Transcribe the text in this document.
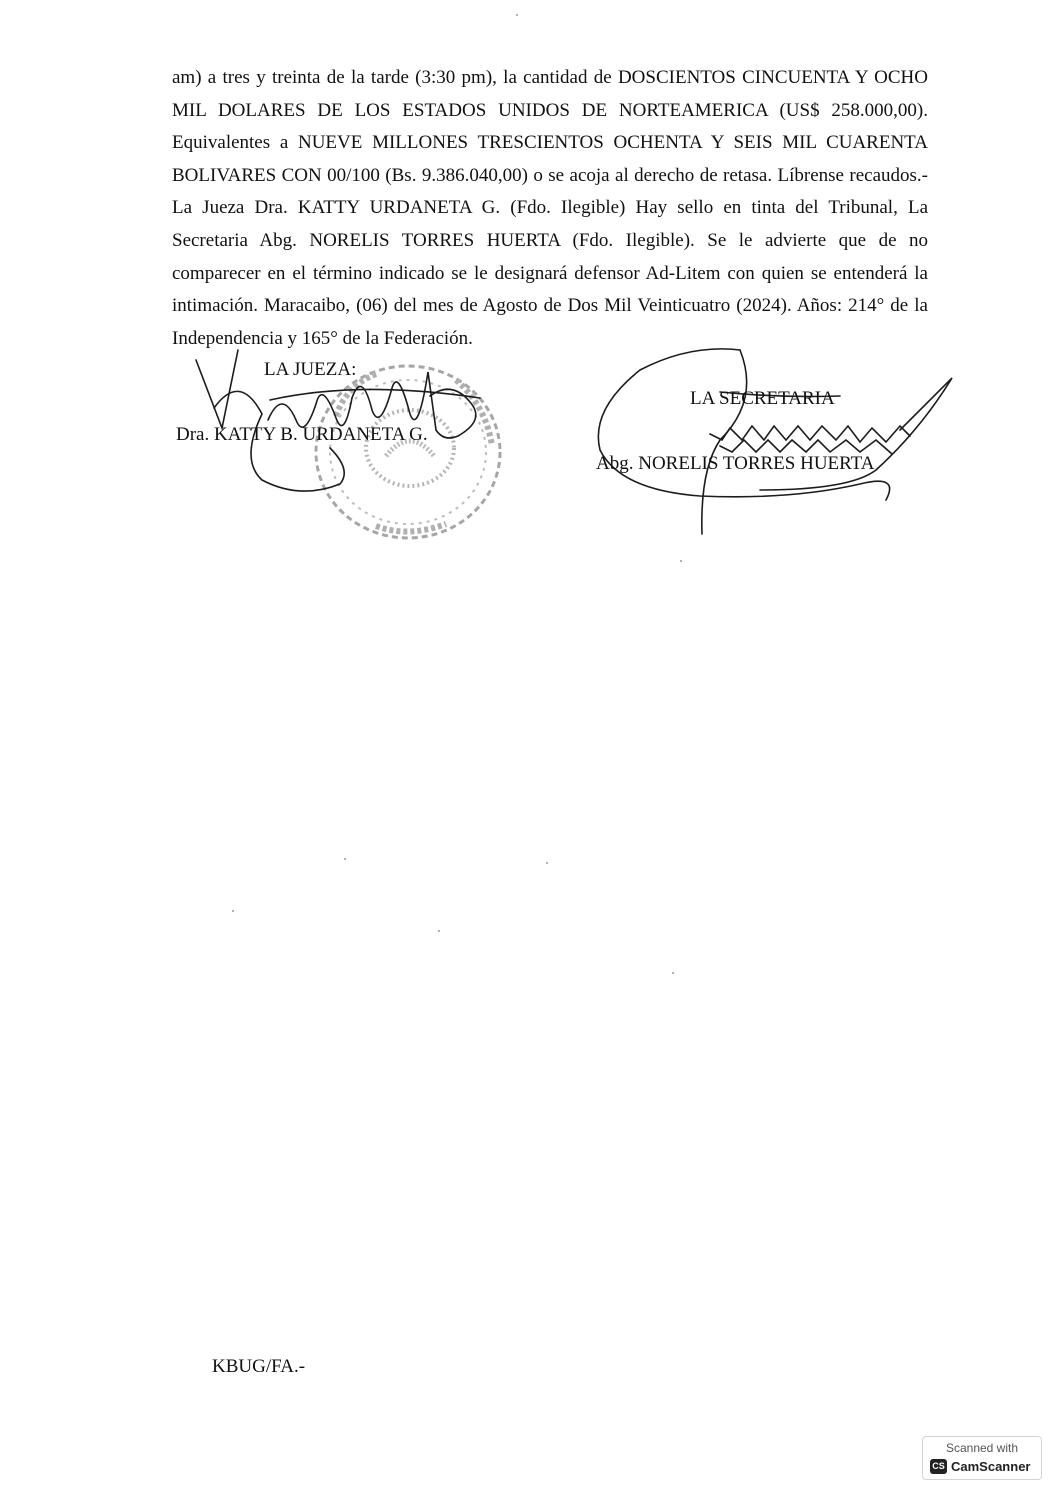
am) a tres y treinta de la tarde (3:30 pm), la cantidad de DOSCIENTOS CINCUENTA Y OCHO MIL DOLARES DE LOS ESTADOS UNIDOS DE NORTEAMERICA (US$ 258.000,00). Equivalentes a NUEVE MILLONES TRESCIENTOS OCHENTA Y SEIS MIL CUARENTA BOLIVARES CON 00/100 (Bs. 9.386.040,00) o se acoja al derecho de retasa. Líbrense recaudos.- La Jueza Dra. KATTY URDANETA G. (Fdo. Ilegible) Hay sello en tinta del Tribunal, La Secretaria Abg. NORELIS TORRES HUERTA (Fdo. Ilegible). Se le advierte que de no comparecer en el término indicado se le designará defensor Ad-Litem con quien se entenderá la intimación. Maracaibo, (06) del mes de Agosto de Dos Mil Veinticuatro (2024). Años: 214° de la Independencia y 165° de la Federación.

LA JUEZA:
Dra. KATTY B. URDANETA G.
LA SECRETARIA
Abg. NORELIS TORRES HUERTA
KBUG/FA.-
Scanned with
CS CamScanner
